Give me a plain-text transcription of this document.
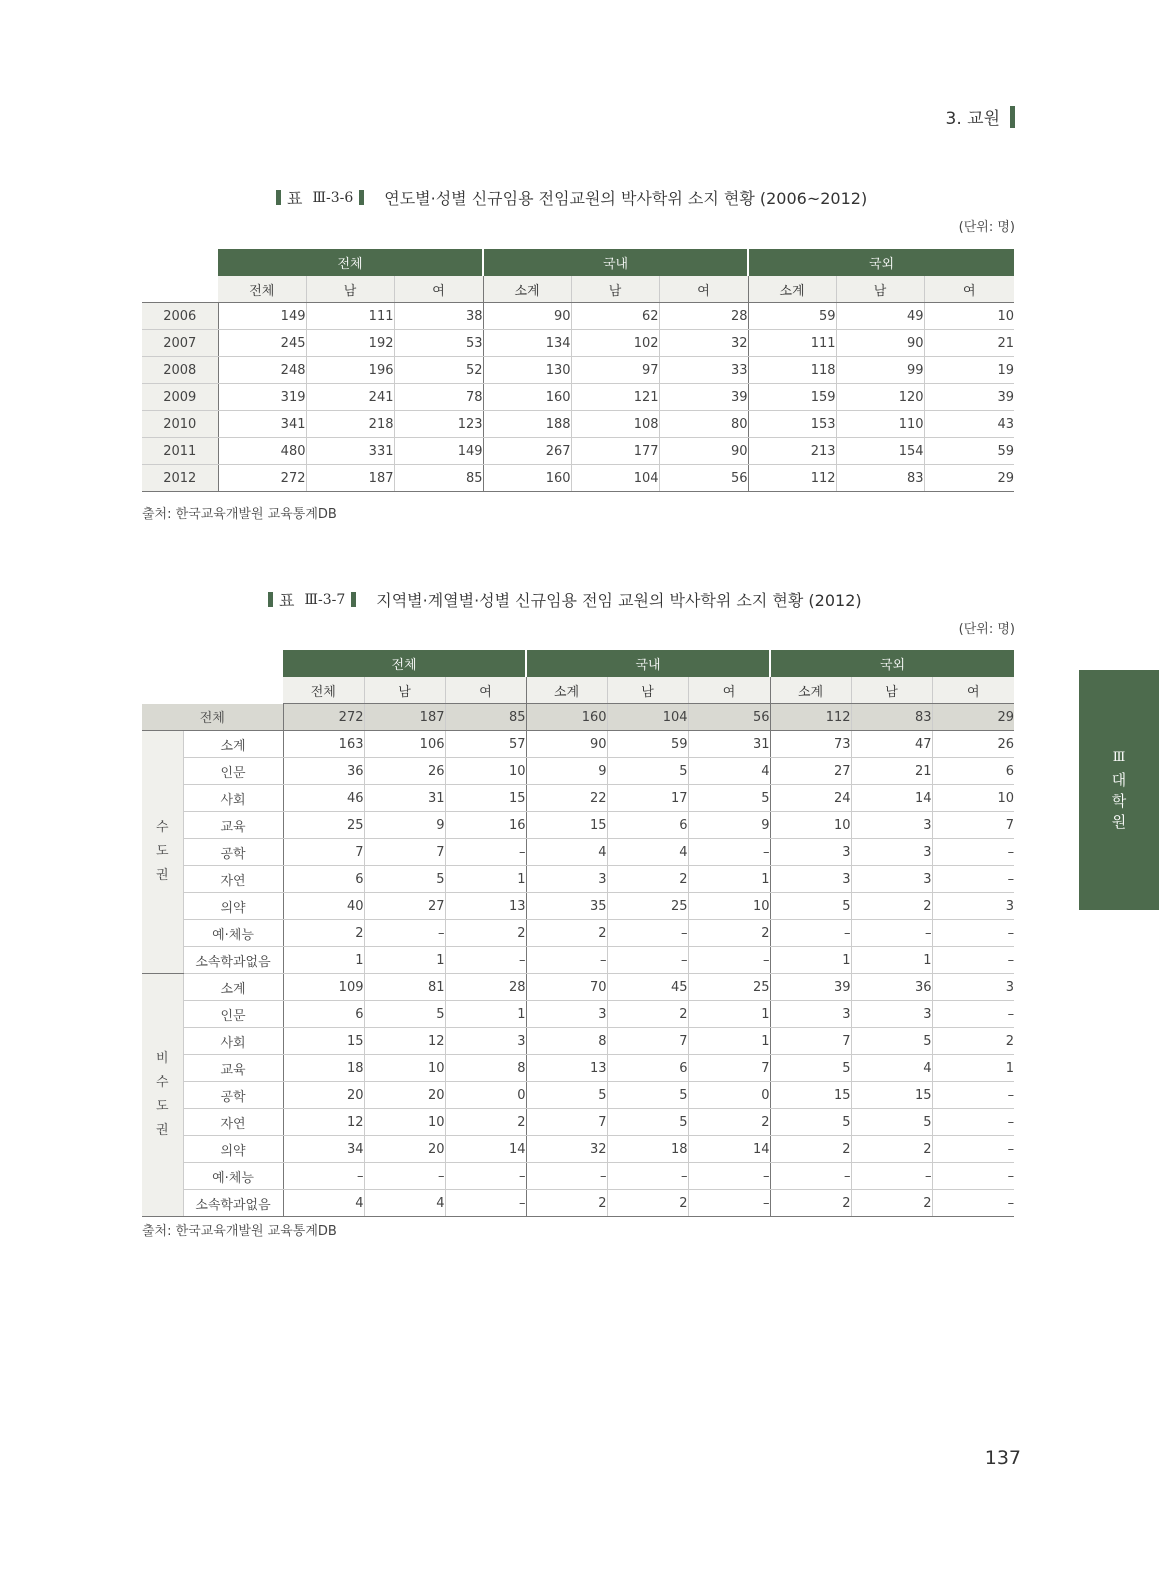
3. 교원
표 Ⅲ-3-6 연도별·성별 신규임용 전임교원의 박사학위 소지 현황 (2006~2012)
(단위: 명)
	전체			국내			국외		
	전체	남	여	소계	남	여	소계	남	여
2006	149	111	38	90	62	28	59	49	10
2007	245	192	53	134	102	32	111	90	21
2008	248	196	52	130	97	33	118	99	19
2009	319	241	78	160	121	39	159	120	39
2010	341	218	123	188	108	80	153	110	43
2011	480	331	149	267	177	90	213	154	59
2012	272	187	85	160	104	56	112	83	29
출처: 한국교육개발원 교육통계DB
표 Ⅲ-3-7 지역별·계열별·성별 신규임용 전임 교원의 박사학위 소지 현황 (2012)
(단위: 명)
		전체			국내			국외		
		전체	남	여	소계	남	여	소계	남	여
전체		272	187	85	160	104	56	112	83	29

수
도
권	소계	163	106	57	90	59	31	73	47	26
	인문	36	26	10	9	5	4	27	21	6
	사회	46	31	15	22	17	5	24	14	10
	교육	25	9	16	15	6	9	10	3	7
	공학	7	7	–	4	4	–	3	3	–
	자연	6	5	1	3	2	1	3	3	–
	의약	40	27	13	35	25	10	5	2	3
	예·체능	2	–	2	2	–	2	–	–	–
	소속학과없음	1	1	–	–	–	–	1	1	–

비
수
도
권	소계	109	81	28	70	45	25	39	36	3
	인문	6	5	1	3	2	1	3	3	–
	사회	15	12	3	8	7	1	7	5	2
	교육	18	10	8	13	6	7	5	4	1
	공학	20	20	0	5	5	0	15	15	–
	자연	12	10	2	7	5	2	5	5	–
	의약	34	20	14	32	18	14	2	2	–
	예·체능	–	–	–	–	–	–	–	–	–
	소속학과없음	4	4	–	2	2	–	2	2	–
출처: 한국교육개발원 교육통계DB
Ⅲ
대
학
원
137
